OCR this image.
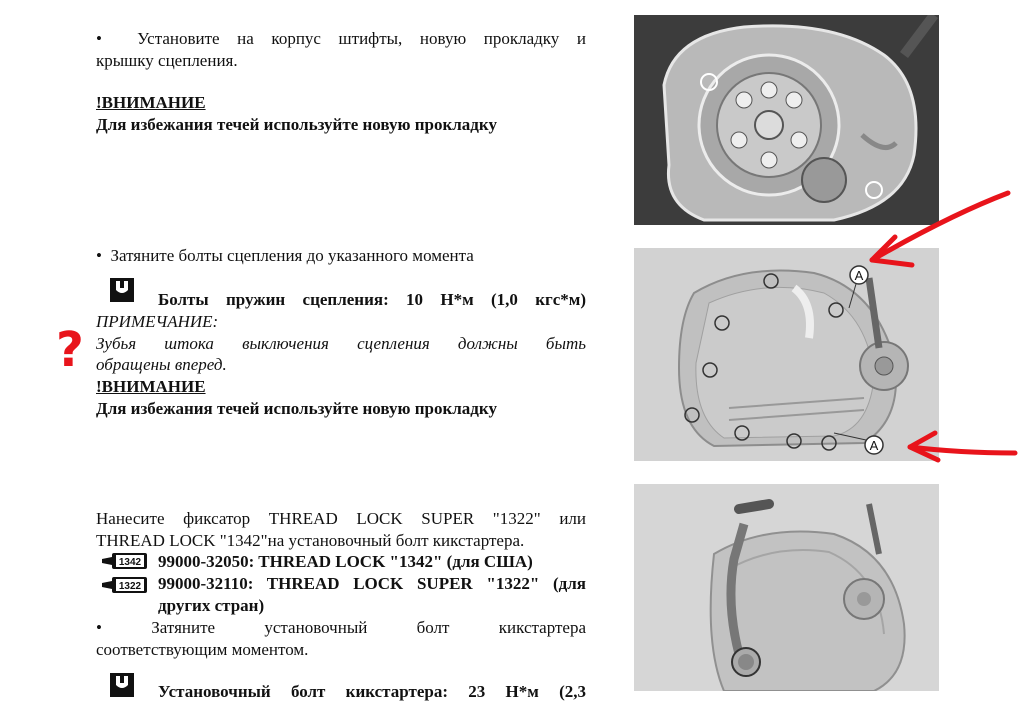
• Установите на корпус штифты, новую прокладку и
крышку сцепления.
!ВНИМАНИЕ
Для избежания течей используйте новую прокладку
• Затяните болты сцепления до указанного момента
Болты пружин сцепления: 10 Н*м (1,0 кгс*м)
ПРИМЕЧАНИЕ:
Зубья штока выключения сцепления должны быть
обращены вперед.
!ВНИМАНИЕ
Для избежания течей используйте новую прокладку
?
A
A
Нанесите фиксатор THREAD LOCK SUPER "1322" или
THREAD LOCK "1342"на установочный болт кикстартера.
1342 99000-32050: THREAD LOCK "1342" (для США)
1322 99000-32110: THREAD LOCK SUPER "1322" (для
других стран)
• Затяните установочный болт кикстартера
соответствующим моментом.
Установочный болт кикстартера: 23 Н*м (2,3
